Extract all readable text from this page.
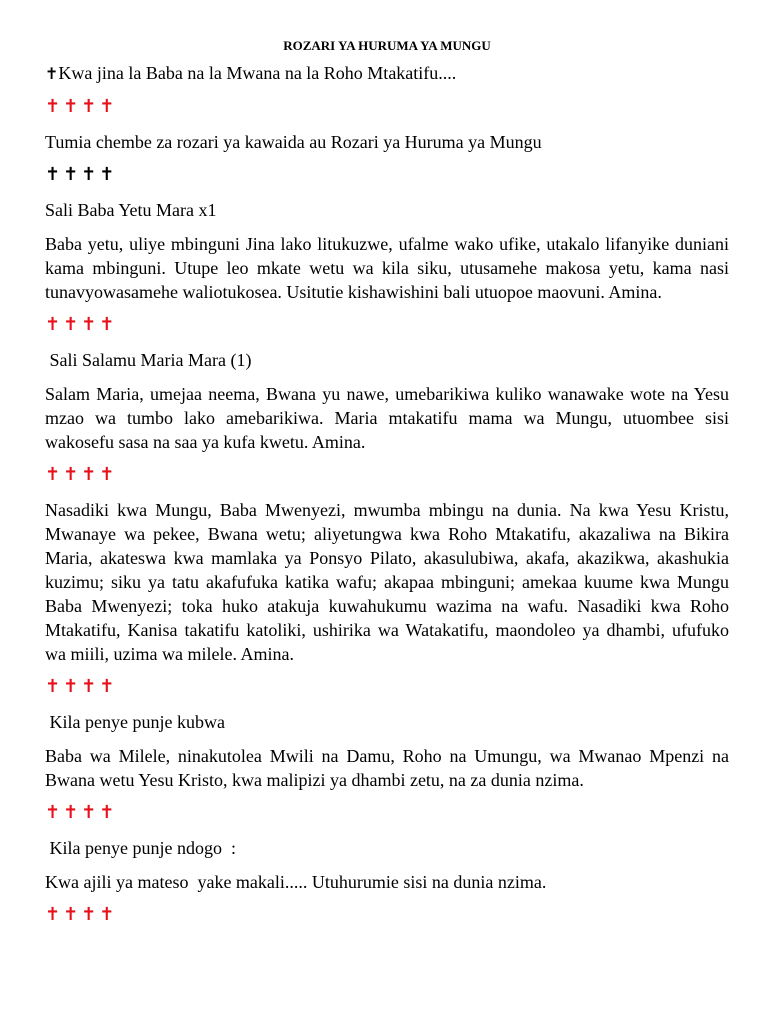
ROZARI YA HURUMA YA MUNGU
✝Kwa jina la Baba na la Mwana na la Roho Mtakatifu....
✝✝✝✝
Tumia chembe za rozari ya kawaida au Rozari ya Huruma ya Mungu
✝✝✝✝
Sali Baba Yetu Mara x1
Baba yetu, uliye mbinguni Jina lako litukuzwe, ufalme wako ufike, utakalo lifanyike duniani kama mbinguni. Utupe leo mkate wetu wa kila siku, utusamehe makosa yetu, kama nasi tunavyowasamehe waliotukosea. Usitutie kishawishini bali utuopoe maovuni. Amina.
✝✝✝✝
Sali Salamu Maria Mara (1)
Salam Maria, umejaa neema, Bwana yu nawe, umebarikiwa kuliko wanawake wote na Yesu mzao wa tumbo lako amebarikiwa. Maria mtakatifu mama wa Mungu, utuombee sisi wakosefu sasa na saa ya kufa kwetu. Amina.
✝✝✝✝
Nasadiki kwa Mungu, Baba Mwenyezi, mwumba mbingu na dunia. Na kwa Yesu Kristu, Mwanaye wa pekee, Bwana wetu; aliyetungwa kwa Roho Mtakatifu, akazaliwa na Bikira Maria, akateswa kwa mamlaka ya Ponsyo Pilato, akasulubiwa, akafa, akazikwa, akashukia kuzimu; siku ya tatu akafufuka katika wafu; akapaa mbinguni; amekaa kuume kwa Mungu Baba Mwenyezi; toka huko atakuja kuwahukumu wazima na wafu. Nasadiki kwa Roho Mtakatifu, Kanisa takatifu katoliki, ushirika wa Watakatifu, maondoleo ya dhambi, ufufuko wa miili, uzima wa milele. Amina.
✝✝✝✝
Kila penye punje kubwa
Baba wa Milele, ninakutolea Mwili na Damu, Roho na Umungu, wa Mwanao Mpenzi na Bwana wetu Yesu Kristo, kwa malipizi ya dhambi zetu, na za dunia nzima.
✝✝✝✝
Kila penye punje ndogo  :
Kwa ajili ya mateso  yake makali..... Utuhurumie sisi na dunia nzima.
✝✝✝✝
